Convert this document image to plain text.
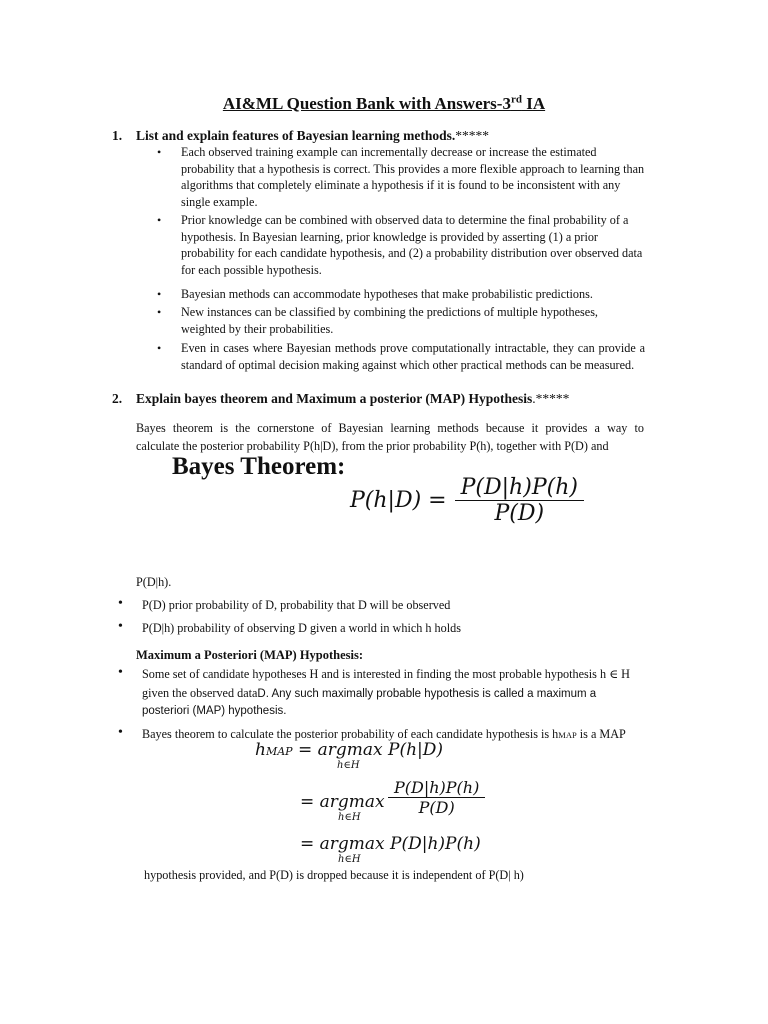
AI&ML Question Bank with Answers-3rd IA
1. List and explain features of Bayesian learning methods.*****
• Each observed training example can incrementally decrease or increase the estimated probability that a hypothesis is correct. This provides a more flexible approach to learning than algorithms that completely eliminate a hypothesis if it is found to be inconsistent with any single example.
• Prior knowledge can be combined with observed data to determine the final probability of a hypothesis. In Bayesian learning, prior knowledge is provided by asserting (1) a prior probability for each candidate hypothesis, and (2) a probability distribution over observed data for each possible hypothesis.
• Bayesian methods can accommodate hypotheses that make probabilistic predictions.
• New instances can be classified by combining the predictions of multiple hypotheses, weighted by their probabilities.
• Even in cases where Bayesian methods prove computationally intractable, they can provide a standard of optimal decision making against which other practical methods can be measured.
2. Explain bayes theorem and Maximum a posterior (MAP) Hypothesis.*****
Bayes theorem is the cornerstone of Bayesian learning methods because it provides a way to
calculate the posterior probability P(h|D), from the prior probability P(h), together with P(D) and
Bayes Theorem:
$P(h|D) = \frac{P(D|h)P(h)}{P(D)}$
P(D|h).
• P(D) prior probability of D, probability that D will be observed
• P(D|h) probability of observing D given a world in which h holds
Maximum a Posteriori (MAP) Hypothesis:
• Some set of candidate hypotheses H and is interested in finding the most probable hypothesis h ∈ H
given the observed dataD. Any such maximally probable hypothesis is called a maximum a
posteriori (MAP) hypothesis.
• Bayes theorem to calculate the posterior probability of each candidate hypothesis is hMAP is a MAP
hMAP = argmax P(h|D)
h∈H
= argmax
h∈H
$\frac{P(D|h)P(h)}{P(D)}$
= argmax P(D|h)P(h)
h∈H
hypothesis provided, and P(D) is dropped because it is independent of P(D| h)
